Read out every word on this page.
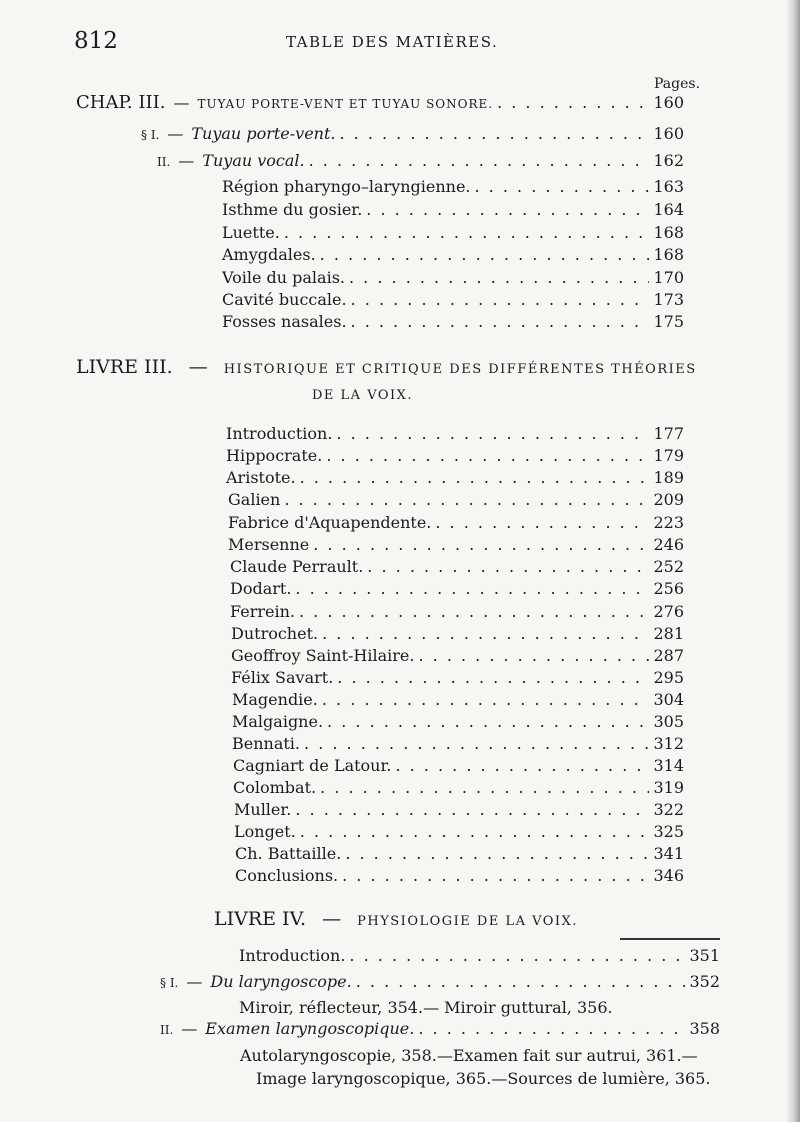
812	TABLE DES MATIÈRES.
Pages.
CHAP. III. — TUYAU PORTE-VENT ET TUYAU SONORE. . . .	160
§ I. — Tuyau porte-vent. . . .	160
II. — Tuyau vocal. . . .	162
Région pharyngo–laryngienne. . . .	163
Isthme du gosier. . . .	164
Luette. . . .	168
Amygdales. . . .	168
Voile du palais. . . .	170
Cavité buccale. . . .	173
Fosses nasales. . . .	175
LIVRE III. — HISTORIQUE ET CRITIQUE DES DIFFÉRENTES THÉORIES
DE LA VOIX.
Introduction. . . .	177
Hippocrate. . . .	179
Aristote. . . .	189
Galien . . .	209
Fabrice d'Aquapendente. . . .	223
Mersenne . . .	246
Claude Perrault. . . .	252
Dodart. . . .	256
Ferrein. . . .	276
Dutrochet. . . .	281
Geoffroy Saint-Hilaire. . . .	287
Félix Savart. . . .	295
Magendie. . . .	304
Malgaigne. . . .	305
Bennati. . . .	312
Cagniart de Latour. . . .	314
Colombat. . . .	319
Muller. . . .	322
Longet. . . .	325
Ch. Battaille. . . .	341
Conclusions. . . .	346
LIVRE IV. — PHYSIOLOGIE DE LA VOIX.
Introduction. . . .	351
§ I. — Du laryngoscope. . . .	352
Miroir, réflecteur, 354.— Miroir guttural, 356.
II. — Examen laryngoscopique. . . .	358
Autolaryngoscopie, 358.—Examen fait sur autrui, 361.—
Image laryngoscopique, 365.—Sources de lumière, 365.
